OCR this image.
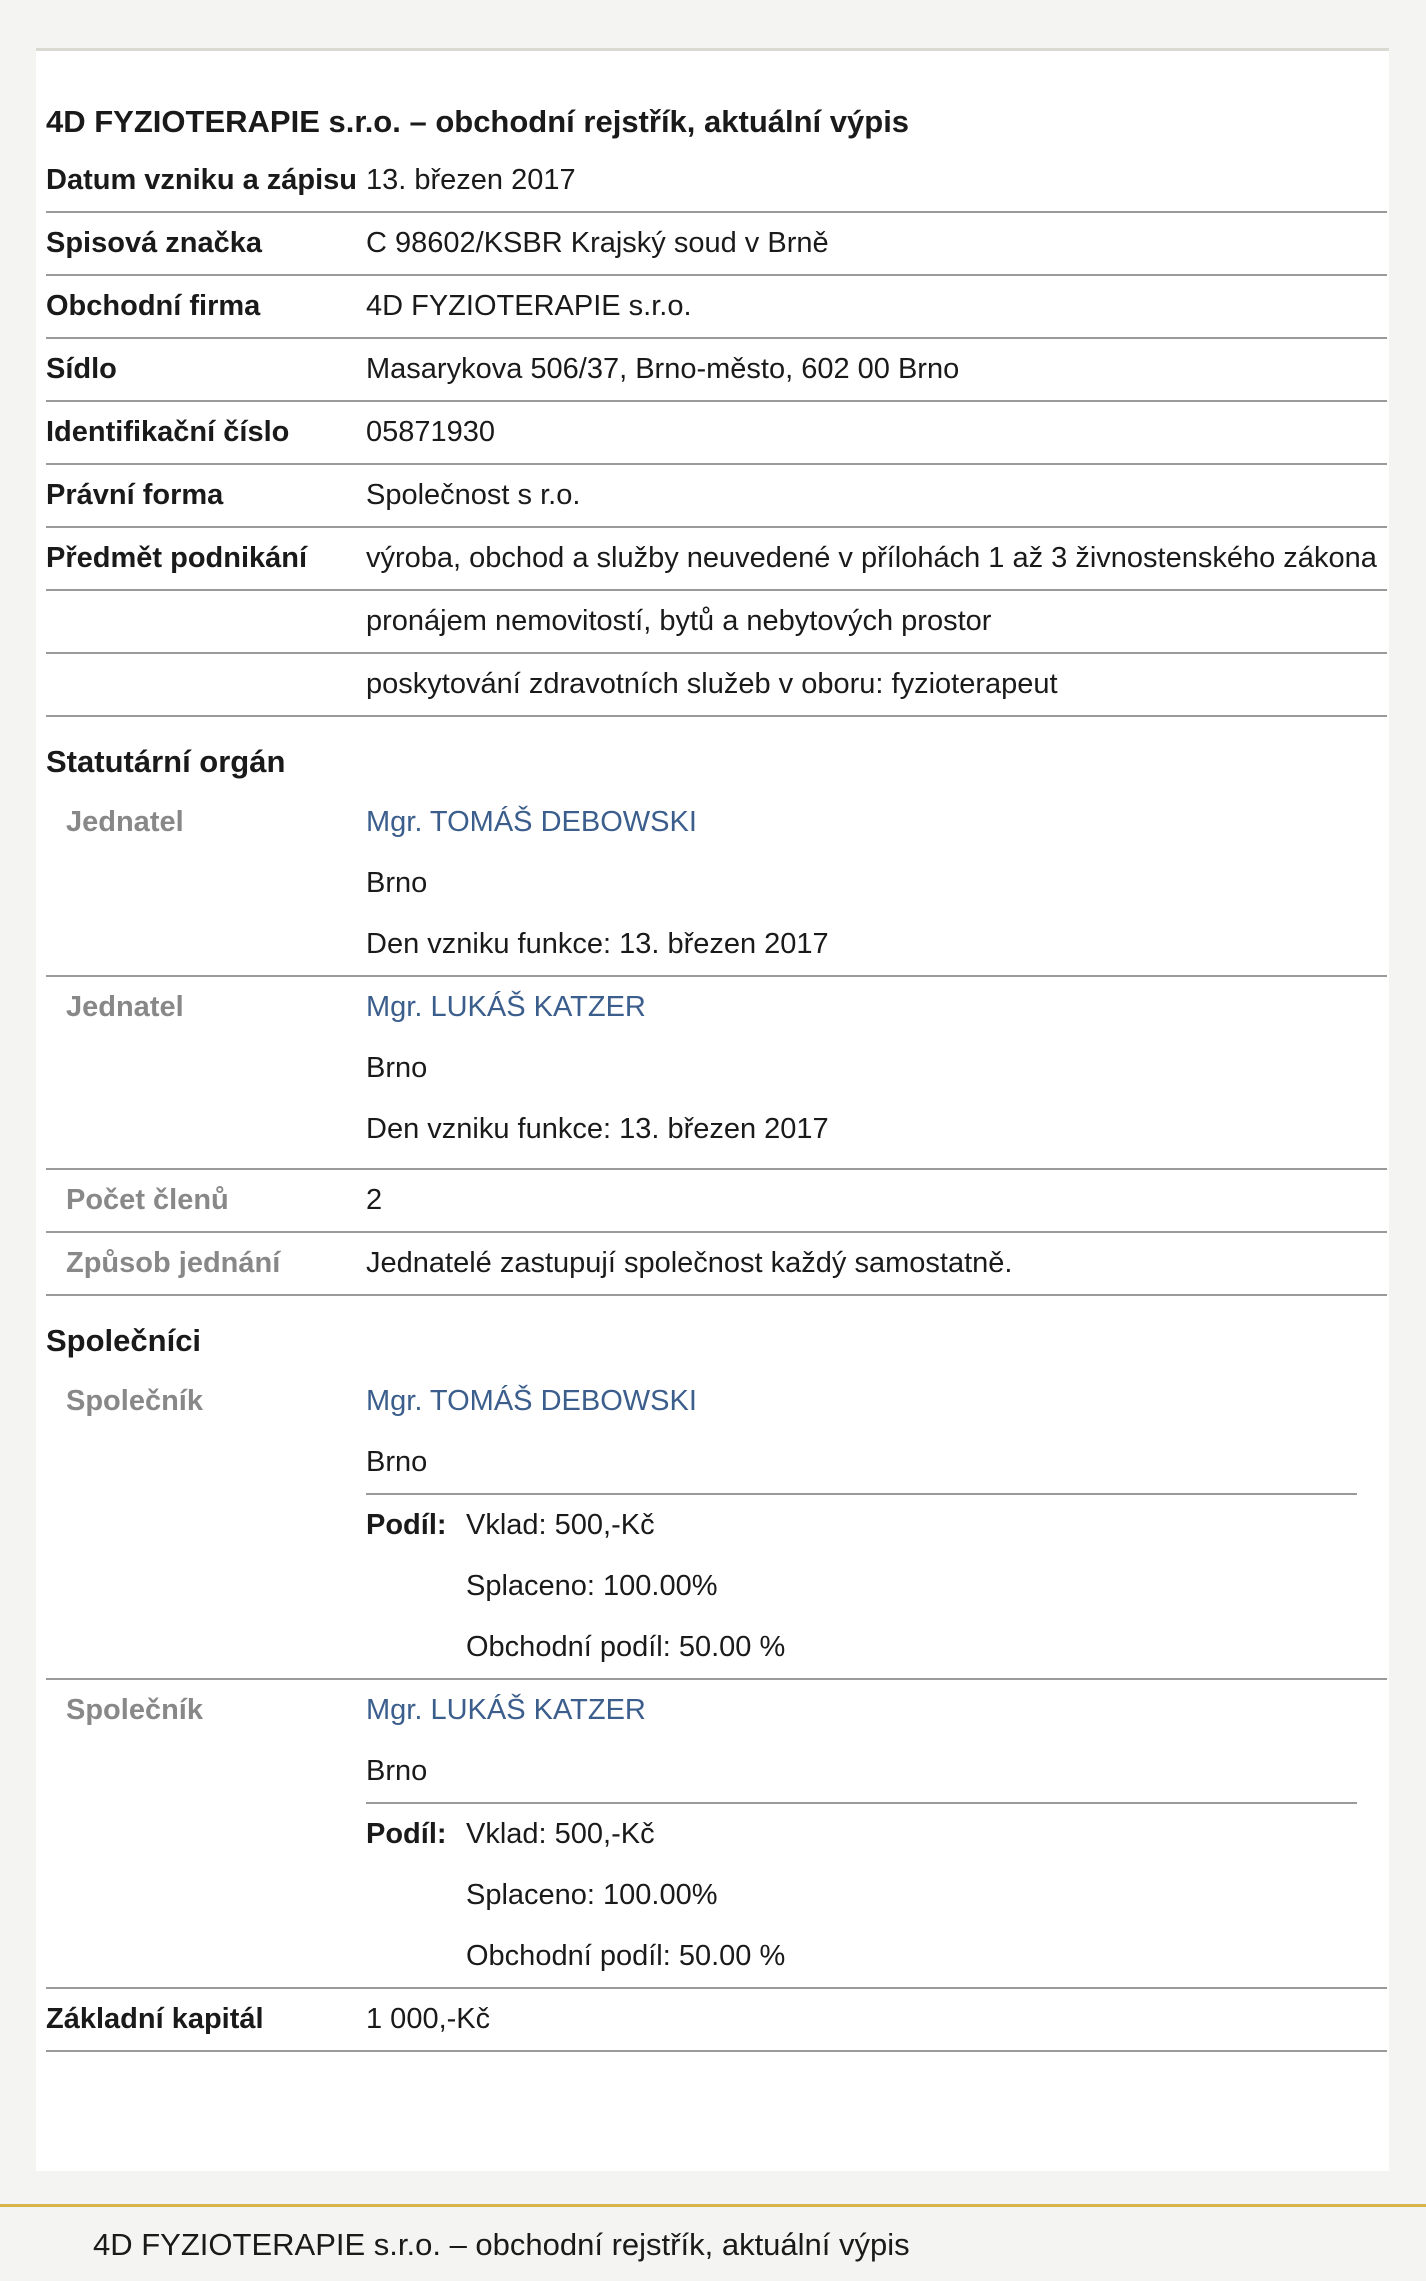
4D FYZIOTERAPIE s.r.o. – obchodní rejstřík, aktuální výpis
Datum vzniku a zápisu 13. březen 2017
Spisová značka	C 98602/KSBR Krajský soud v Brně
Obchodní firma	4D FYZIOTERAPIE s.r.o.
Sídlo	Masarykova 506/37, Brno-město, 602 00 Brno
Identifikační číslo	05871930
Právní forma	Společnost s r.o.
Předmět podnikání	výroba, obchod a služby neuvedené v přílohách 1 až 3 živnostenského zákona
pronájem nemovitostí, bytů a nebytových prostor
poskytování zdravotních služeb v oboru: fyzioterapeut
Statutární orgán
Jednatel	Mgr. TOMÁŠ DEBOWSKI
Brno
Den vzniku funkce: 13. březen 2017
Jednatel	Mgr. LUKÁŠ KATZER
Brno
Den vzniku funkce: 13. březen 2017
Počet členů	2
Způsob jednání	Jednatelé zastupují společnost každý samostatně.
Společníci
Společník	Mgr. TOMÁŠ DEBOWSKI
Brno
Podíl: Vklad: 500,-Kč
Splaceno: 100.00%
Obchodní podíl: 50.00 %
Společník	Mgr. LUKÁŠ KATZER
Brno
Podíl: Vklad: 500,-Kč
Splaceno: 100.00%
Obchodní podíl: 50.00 %
Základní kapitál	1 000,-Kč
4D FYZIOTERAPIE s.r.o. – obchodní rejstřík, aktuální výpis
